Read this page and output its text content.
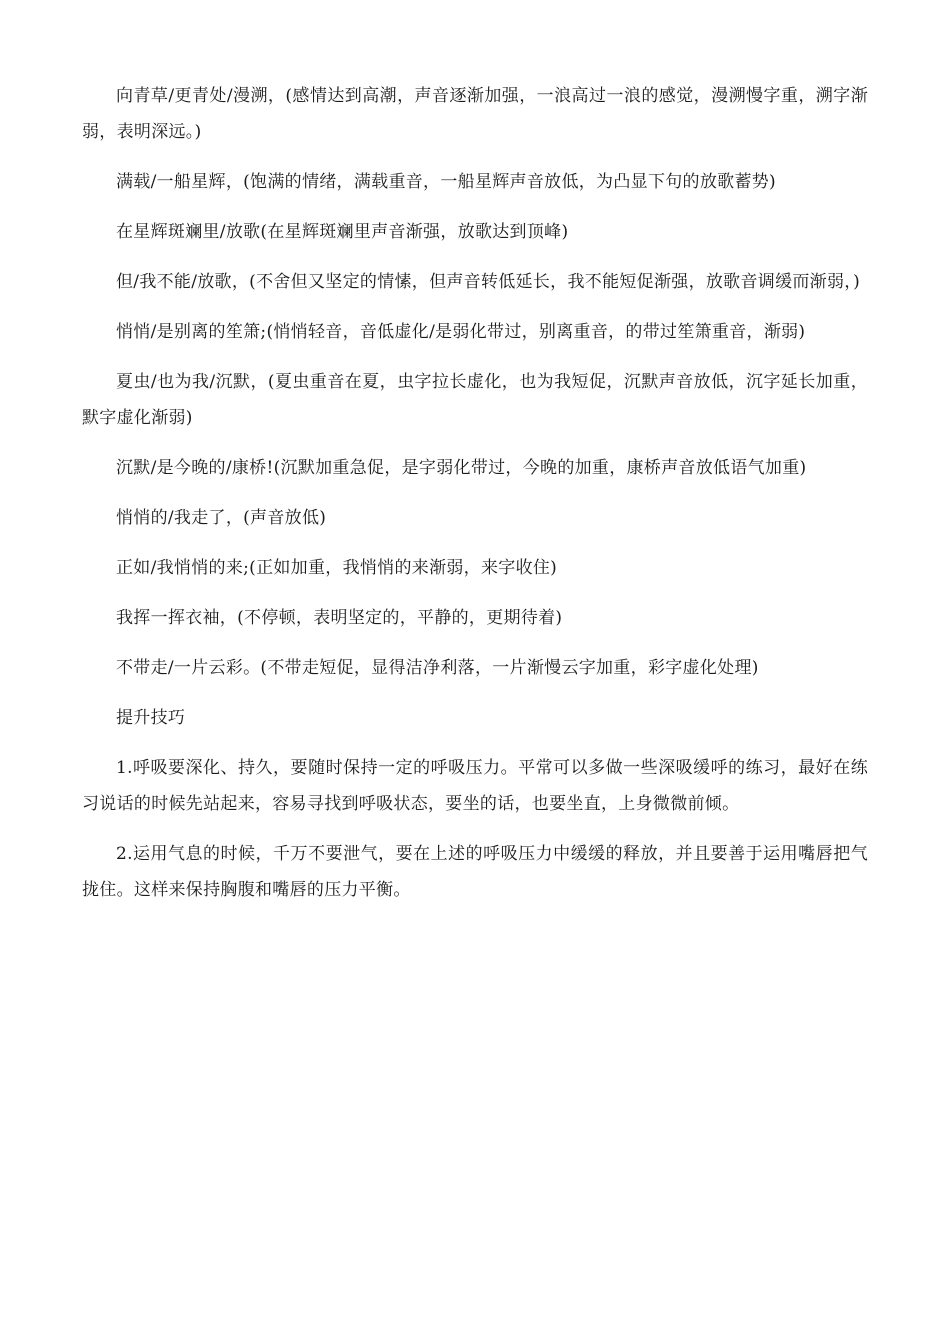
向青草/更青处/漫溯，(感情达到高潮，声音逐渐加强，一浪高过一浪的感觉，漫溯慢字重，溯字渐弱，表明深远。)

满载/一船星辉，(饱满的情绪，满载重音，一船星辉声音放低，为凸显下句的放歌蓄势)

在星辉斑斓里/放歌(在星辉斑斓里声音渐强，放歌达到顶峰)

但/我不能/放歌，(不舍但又坚定的情愫，但声音转低延长，我不能短促渐强，放歌音调缓而渐弱，)

悄悄/是别离的笙箫;(悄悄轻音，音低虚化/是弱化带过，别离重音，的带过笙箫重音，渐弱)

夏虫/也为我/沉默，(夏虫重音在夏，虫字拉长虚化，也为我短促，沉默声音放低，沉字延长加重，默字虚化渐弱)

沉默/是今晚的/康桥!(沉默加重急促，是字弱化带过，今晚的加重，康桥声音放低语气加重)

悄悄的/我走了，(声音放低)

正如/我悄悄的来;(正如加重，我悄悄的来渐弱，来字收住)

我挥一挥衣袖，(不停顿，表明坚定的，平静的，更期待着)

不带走/一片云彩。(不带走短促，显得洁净利落，一片渐慢云字加重，彩字虚化处理)

提升技巧

1.呼吸要深化、持久，要随时保持一定的呼吸压力。平常可以多做一些深吸缓呼的练习，最好在练习说话的时候先站起来，容易寻找到呼吸状态，要坐的话，也要坐直，上身微微前倾。

2.运用气息的时候，千万不要泄气，要在上述的呼吸压力中缓缓的释放，并且要善于运用嘴唇把气拢住。这样来保持胸腹和嘴唇的压力平衡。
